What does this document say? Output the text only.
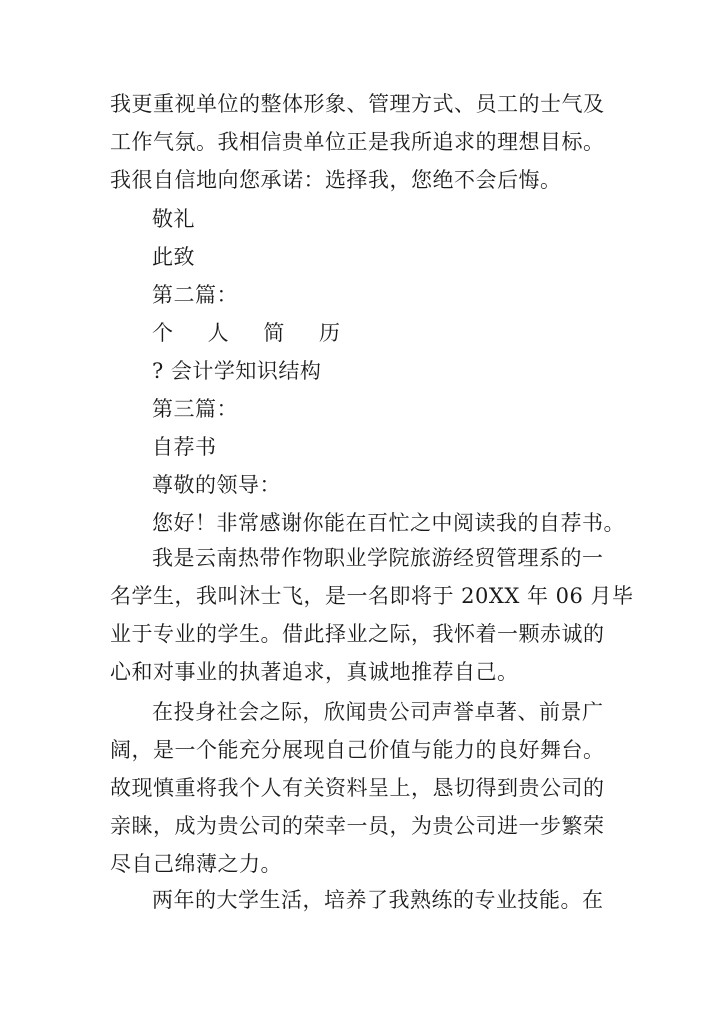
我更重视单位的整体形象、管理方式、员工的士气及

工作气氛。我相信贵单位正是我所追求的理想目标。

我很自信地向您承诺：选择我，您绝不会后悔。

敬礼

此致

第二篇：

个 人 简 历

? 会计学知识结构

第三篇：

自荐书

尊敬的领导：

您好！非常感谢你能在百忙之中阅读我的自荐书。

我是云南热带作物职业学院旅游经贸管理系的一

名学生，我叫沐士飞，是一名即将于 20XX 年 06 月毕

业于专业的学生。借此择业之际，我怀着一颗赤诚的

心和对事业的执著追求，真诚地推荐自己。

在投身社会之际，欣闻贵公司声誉卓著、前景广

阔，是一个能充分展现自己价值与能力的良好舞台。

故现慎重将我个人有关资料呈上，恳切得到贵公司的

亲睐，成为贵公司的荣幸一员，为贵公司进一步繁荣

尽自己绵薄之力。

两年的大学生活，培养了我熟练的专业技能。在
